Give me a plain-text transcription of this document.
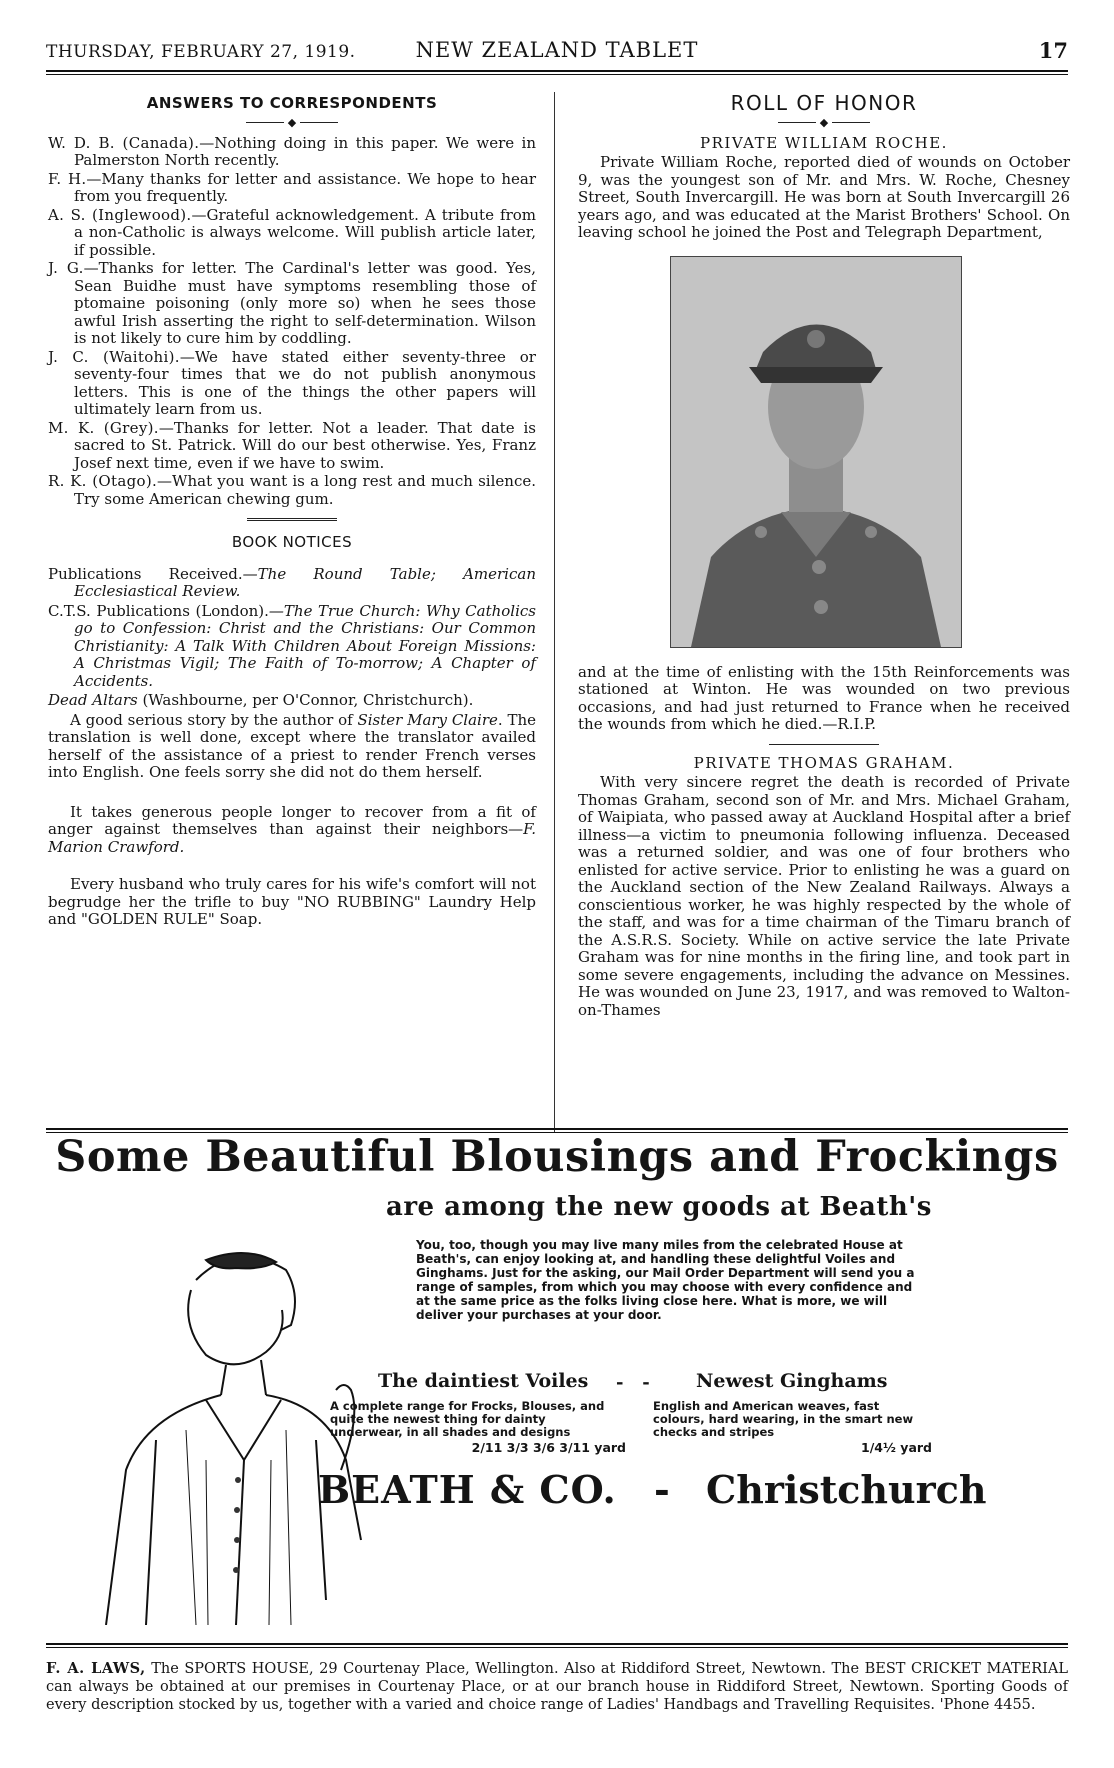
THURSDAY, FEBRUARY 27, 1919.	NEW ZEALAND TABLET	17
ANSWERS TO CORRESPONDENTS
◆

W. D. B. (Canada).—Nothing doing in this paper. We were in Palmerston North recently.

F. H.—Many thanks for letter and assistance. We hope to hear from you frequently.

A. S. (Inglewood).—Grateful acknowledgement. A tribute from a non-Catholic is always welcome. Will publish article later, if possible.

J. G.—Thanks for letter. The Cardinal's letter was good. Yes, Sean Buidhe must have symptoms resembling those of ptomaine poisoning (only more so) when he sees those awful Irish asserting the right to self-determination. Wilson is not likely to cure him by coddling.

J. C. (Waitohi).—We have stated either seventy-three or seventy-four times that we do not publish anonymous letters. This is one of the things the other papers will ultimately learn from us.

M. K. (Grey).—Thanks for letter. Not a leader. That date is sacred to St. Patrick. Will do our best otherwise. Yes, Franz Josef next time, even if we have to swim.

R. K. (Otago).—What you want is a long rest and much silence. Try some American chewing gum.

BOOK NOTICES

Publications Received.—The Round Table; American Ecclesiastical Review.

C.T.S. Publications (London).—The True Church: Why Catholics go to Confession: Christ and the Christians: Our Common Christianity: A Talk With Children About Foreign Missions: A Christmas Vigil; The Faith of To-morrow; A Chapter of Accidents.

Dead Altars (Washbourne, per O'Connor, Christchurch).

A good serious story by the author of Sister Mary Claire. The translation is well done, except where the translator availed herself of the assistance of a priest to render French verses into English. One feels sorry she did not do them herself.

It takes generous people longer to recover from a fit of anger against themselves than against their neighbors—F. Marion Crawford.

Every husband who truly cares for his wife's comfort will not begrudge her the trifle to buy "NO RUBBING" Laundry Help and "GOLDEN RULE" Soap.

ROLL OF HONOR
◆
PRIVATE WILLIAM ROCHE.

Private William Roche, reported died of wounds on October 9, was the youngest son of Mr. and Mrs. W. Roche, Chesney Street, South Invercargill. He was born at South Invercargill 26 years ago, and was educated at the Marist Brothers' School. On leaving school he joined the Post and Telegraph Department,

and at the time of enlisting with the 15th Reinforcements was stationed at Winton. He was wounded on two previous occasions, and had just returned to France when he received the wounds from which he died.—R.I.P.

PRIVATE THOMAS GRAHAM.

With very sincere regret the death is recorded of Private Thomas Graham, second son of Mr. and Mrs. Michael Graham, of Waipiata, who passed away at Auckland Hospital after a brief illness—a victim to pneumonia following influenza. Deceased was a returned soldier, and was one of four brothers who enlisted for active service. Prior to enlisting he was a guard on the Auckland section of the New Zealand Railways. Always a conscientious worker, he was highly respected by the whole of the staff, and was for a time chairman of the Timaru branch of the A.S.R.S. Society. While on active service the late Private Graham was for nine months in the firing line, and took part in some severe engagements, including the advance on Messines. He was wounded on June 23, 1917, and was removed to Walton-on-Thames

Some Beautiful Blousings and Frockings
are among the new goods at Beath's
You, too, though you may live many miles from the celebrated House at Beath's, can enjoy looking at, and handling these delightful Voiles and Ginghams. Just for the asking, our Mail Order Department will send you a range of samples, from which you may choose with every confidence and at the same price as the folks living close here. What is more, we will deliver your purchases at your door.
The daintiest Voiles -   - Newest Ginghams
A complete range for Frocks, Blouses, and quite the newest thing for dainty underwear, in all shades and designs
2/11 3/3 3/6 3/11 yard
English and American weaves, fast colours, hard wearing, in the smart new checks and stripes
1/4½ yard
BEATH & CO. - Christchurch

F. A. LAWS, The SPORTS HOUSE, 29 Courtenay Place, Wellington. Also at Riddiford Street, Newtown. The BEST CRICKET MATERIAL can always be obtained at our premises in Courtenay Place, or at our branch house in Riddiford Street, Newtown. Sporting Goods of every description stocked by us, together with a varied and choice range of Ladies' Handbags and Travelling Requisites. 'Phone 4455.
